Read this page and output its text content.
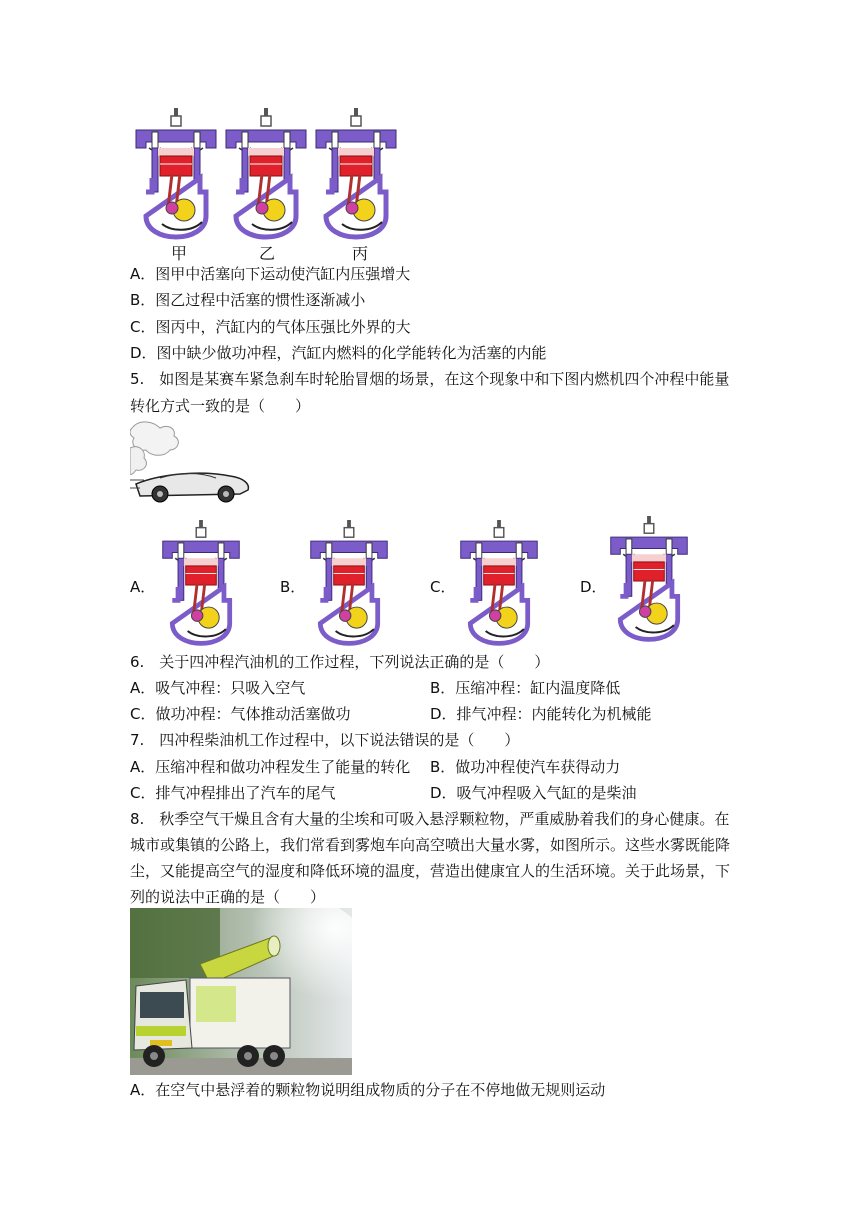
甲	乙	丙
A．图甲中活塞向下运动使汽缸内压强增大
B．图乙过程中活塞的惯性逐渐减小
C．图丙中，汽缸内的气体压强比外界的大
D．图中缺少做功冲程，汽缸内燃料的化学能转化为活塞的内能
5.　如图是某赛车紧急刹车时轮胎冒烟的场景，在这个现象中和下图内燃机四个冲程中能量
转化方式一致的是（　　）
A．	B．	C．	D．
6.　关于四冲程汽油机的工作过程，下列说法正确的是（　　）
A．吸气冲程：只吸入空气	B．压缩冲程：缸内温度降低
C．做功冲程：气体推动活塞做功	D．排气冲程：内能转化为机械能
7.　四冲程柴油机工作过程中，以下说法错误的是（　　）
A．压缩冲程和做功冲程发生了能量的转化 B．做功冲程使汽车获得动力
C．排气冲程排出了汽车的尾气	D．吸气冲程吸入气缸的是柴油
8.　秋季空气干燥且含有大量的尘埃和可吸入悬浮颗粒物，严重威胁着我们的身心健康。在
城市或集镇的公路上，我们常看到雾炮车向高空喷出大量水雾，如图所示。这些水雾既能降
尘，又能提高空气的湿度和降低环境的温度，营造出健康宜人的生活环境。关于此场景，下
列的说法中正确的是（　　）
A．在空气中悬浮着的颗粒物说明组成物质的分子在不停地做无规则运动
